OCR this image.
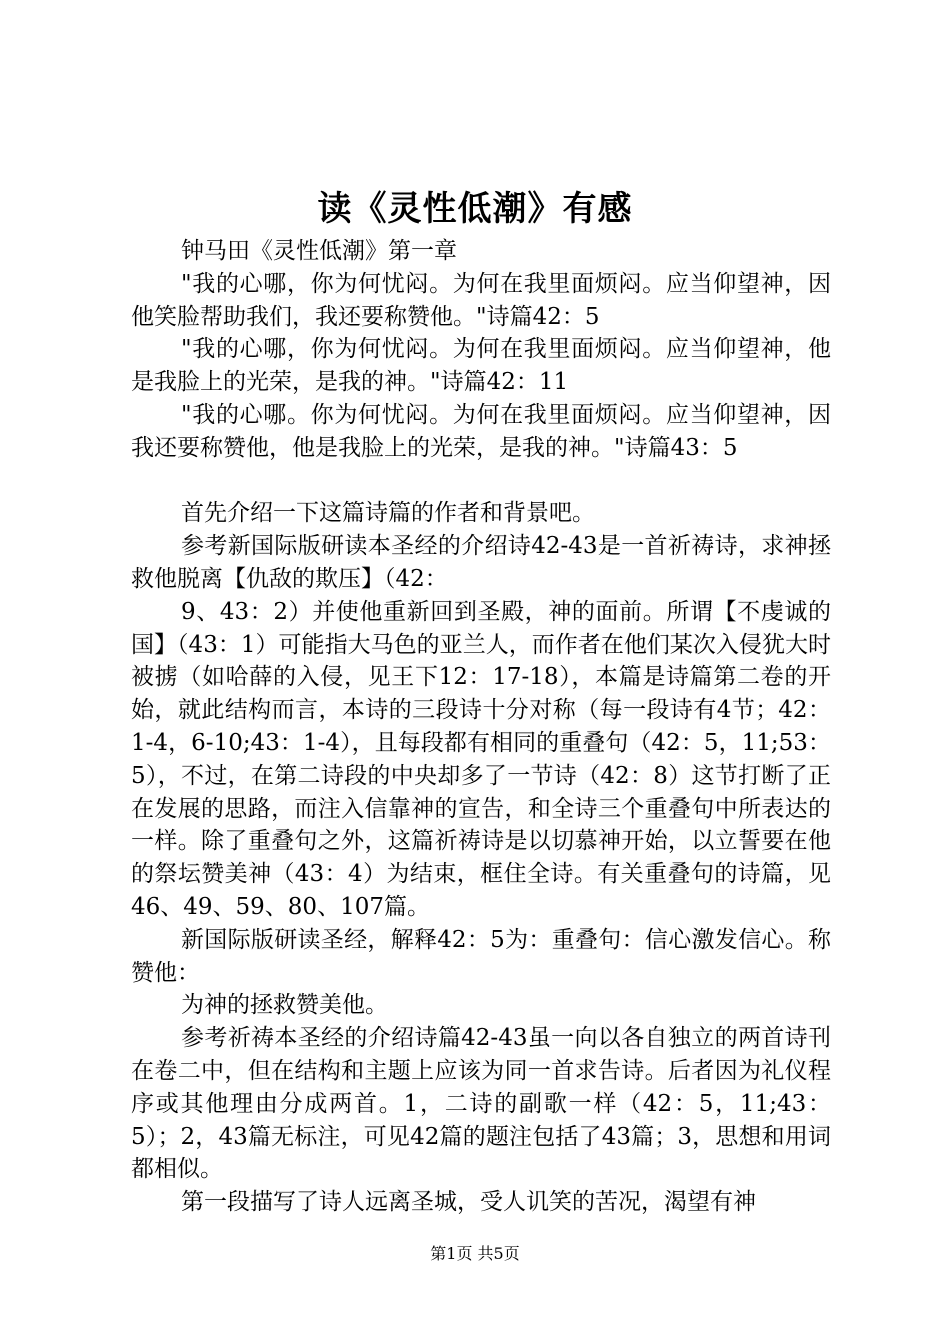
读《灵性低潮》有感

钟马田《灵性低潮》第一章

"我的心哪，你为何忧闷。为何在我里面烦闷。应当仰望神，因他笑脸帮助我们，我还要称赞他。"诗篇42：5

"我的心哪，你为何忧闷。为何在我里面烦闷。应当仰望神，他是我脸上的光荣，是我的神。"诗篇42：11

"我的心哪。你为何忧闷。为何在我里面烦闷。应当仰望神，因我还要称赞他，他是我脸上的光荣，是我的神。"诗篇43：5

首先介绍一下这篇诗篇的作者和背景吧。

参考新国际版研读本圣经的介绍诗42-43是一首祈祷诗，求神拯救他脱离【仇敌的欺压】（42：

9、43：2）并使他重新回到圣殿，神的面前。所谓【不虔诚的国】（43：1）可能指大马色的亚兰人，而作者在他们某次入侵犹大时被掳（如哈薛的入侵，见王下12：17-18），本篇是诗篇第二卷的开始，就此结构而言，本诗的三段诗十分对称（每一段诗有4节；42：1-4，6-10;43：1-4），且每段都有相同的重叠句（42：5，11;53：5），不过，在第二诗段的中央却多了一节诗（42：8）这节打断了正在发展的思路，而注入信靠神的宣告，和全诗三个重叠句中所表达的一样。除了重叠句之外，这篇祈祷诗是以切慕神开始，以立誓要在他的祭坛赞美神（43：4）为结束，框住全诗。有关重叠句的诗篇，见46、49、59、80、107篇。

新国际版研读圣经，解释42：5为：重叠句：信心激发信心。称赞他：

为神的拯救赞美他。

参考祈祷本圣经的介绍诗篇42-43虽一向以各自独立的两首诗刊在卷二中，但在结构和主题上应该为同一首求告诗。后者因为礼仪程序或其他理由分成两首。1，二诗的副歌一样（42：5，11;43：5）；2，43篇无标注，可见42篇的题注包括了43篇；3，思想和用词都相似。

第一段描写了诗人远离圣城，受人讥笑的苦况，渴望有神

第1页 共5页
